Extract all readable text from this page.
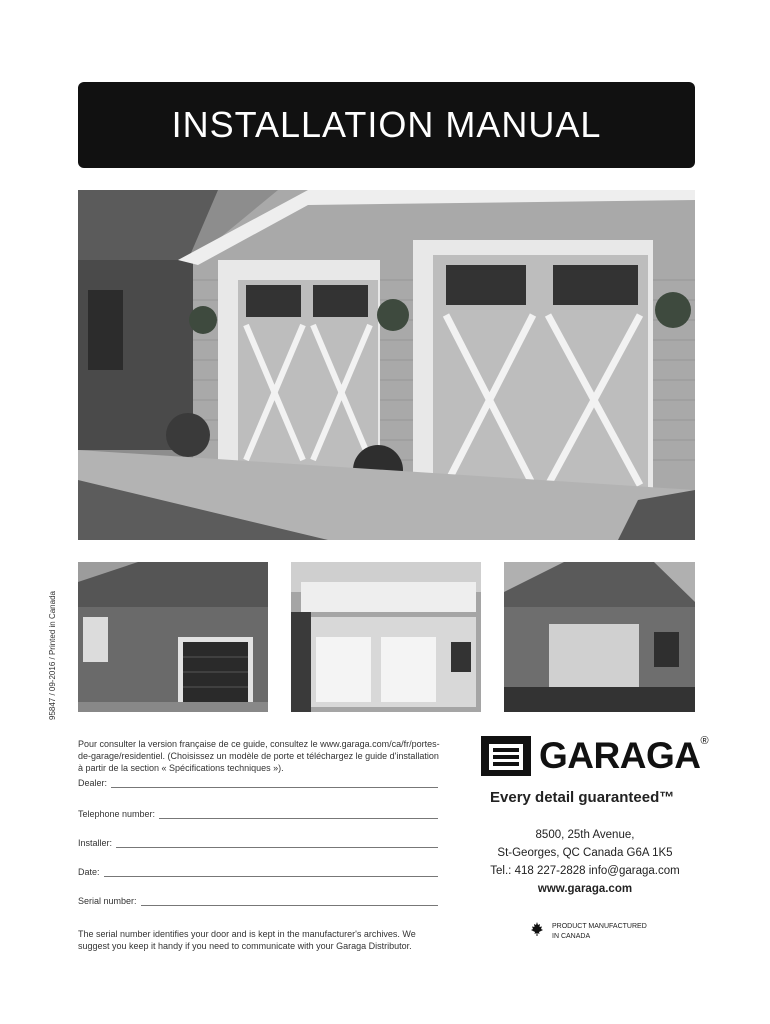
INSTALLATION MANUAL
95847 / 09-2016 / Printed in Canada
Pour consulter la version française de ce guide, consultez le www.garaga.com/ca/fr/portes-de-garage/residentiel. (Choisissez un modèle de porte et téléchargez le guide d'installation à partir de la section « Spécifications techniques »).
Dealer:
Telephone number:
Installer:
Date:
Serial number:
The serial number identifies your door and is kept in the manufacturer's archives. We suggest you keep it handy if you need to communicate with your Garaga Distributor.
GARAGA®
Every detail guaranteed™
8500, 25th Avenue,
St-Georges, QC Canada G6A 1K5
Tel.: 418 227-2828 info@garaga.com
www.garaga.com
PRODUCT MANUFACTURED
IN CANADA
